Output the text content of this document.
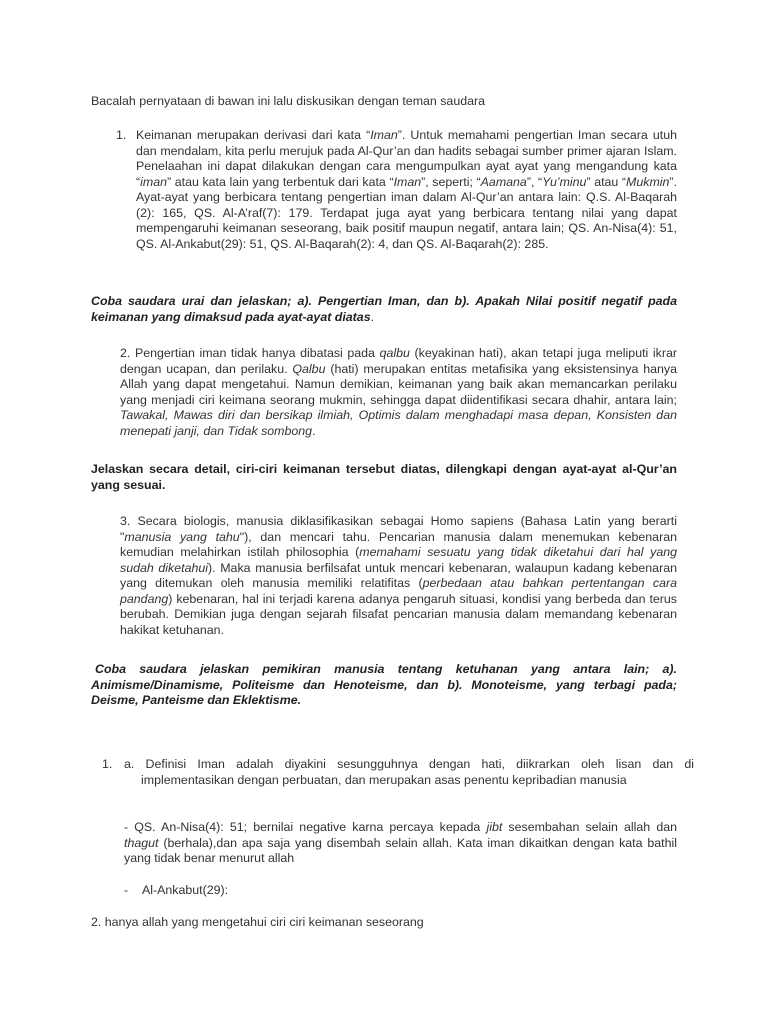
Bacalah pernyataan di bawan ini lalu diskusikan dengan teman saudara
1. Keimanan merupakan derivasi dari kata “Iman”. Untuk memahami pengertian Iman secara utuh dan mendalam, kita perlu merujuk pada Al-Qur’an dan hadits sebagai sumber primer ajaran Islam. Penelaahan ini dapat dilakukan dengan cara mengumpulkan ayat ayat yang mengandung kata “iman” atau kata lain yang terbentuk dari kata “Iman”, seperti; “Aamana”, “Yu’minu” atau “Mukmin”. Ayat-ayat yang berbicara tentang pengertian iman dalam Al-Qur’an antara lain: Q.S. Al-Baqarah (2): 165, QS. Al-A’raf(7): 179. Terdapat juga ayat yang berbicara tentang nilai yang dapat mempengaruhi keimanan seseorang, baik positif maupun negatif, antara lain; QS. An-Nisa(4): 51, QS. Al-Ankabut(29): 51, QS. Al-Baqarah(2): 4, dan QS. Al-Baqarah(2): 285.
Coba saudara urai dan jelaskan; a). Pengertian Iman, dan b). Apakah Nilai positif negatif pada keimanan yang dimaksud pada ayat-ayat diatas.
2. Pengertian iman tidak hanya dibatasi pada qalbu (keyakinan hati), akan tetapi juga meliputi ikrar dengan ucapan, dan perilaku. Qalbu (hati) merupakan entitas metafisika yang eksistensinya hanya Allah yang dapat mengetahui. Namun demikian, keimanan yang baik akan memancarkan perilaku yang menjadi ciri keimana seorang mukmin, sehingga dapat diidentifikasi secara dhahir, antara lain; Tawakal, Mawas diri dan bersikap ilmiah, Optimis dalam menghadapi masa depan, Konsisten dan menepati janji, dan Tidak sombong.
Jelaskan secara detail, ciri-ciri keimanan tersebut diatas, dilengkapi dengan ayat-ayat al-Qur’an yang sesuai.
3. Secara biologis, manusia diklasifikasikan sebagai Homo sapiens (Bahasa Latin yang berarti "manusia yang tahu"), dan mencari tahu. Pencarian manusia dalam menemukan kebenaran kemudian melahirkan istilah philosophia (memahami sesuatu yang tidak diketahui dari hal yang sudah diketahui). Maka manusia berfilsafat untuk mencari kebenaran, walaupun kadang kebenaran yang ditemukan oleh manusia memiliki relatifitas (perbedaan atau bahkan pertentangan cara pandang) kebenaran, hal ini terjadi karena adanya pengaruh situasi, kondisi yang berbeda dan terus berubah. Demikian juga dengan sejarah filsafat pencarian manusia dalam memandang kebenaran hakikat ketuhanan.
Coba saudara jelaskan pemikiran manusia tentang ketuhanan yang antara lain; a). Animisme/Dinamisme, Politeisme dan Henoteisme, dan b). Monoteisme, yang terbagi pada; Deisme, Panteisme dan Eklektisme.
1. a. Definisi Iman adalah diyakini sesungguhnya dengan hati, diikrarkan oleh lisan dan di implementasikan dengan perbuatan, dan merupakan asas penentu kepribadian manusia
- QS. An-Nisa(4): 51; bernilai negative karna percaya kepada jibt sesembahan selain allah dan thagut (berhala),dan apa saja yang disembah selain allah. Kata iman dikaitkan dengan kata bathil yang tidak benar menurut allah
- Al-Ankabut(29):
2. hanya allah yang mengetahui ciri ciri keimanan seseorang
